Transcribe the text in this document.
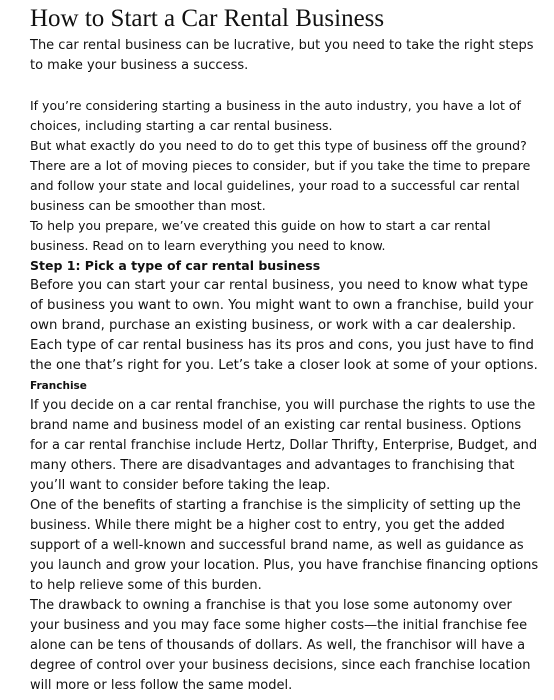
How to Start a Car Rental Business

The car rental business can be lucrative, but you need to take the right steps to make your business a success.

If you’re considering starting a business in the auto industry, you have a lot of choices, including starting a car rental business.

But what exactly do you need to do to get this type of business off the ground? There are a lot of moving pieces to consider, but if you take the time to prepare and follow your state and local guidelines, your road to a successful car rental business can be smoother than most.

To help you prepare, we’ve created this guide on how to start a car rental business. Read on to learn everything you need to know.

Step 1: Pick a type of car rental business

Before you can start your car rental business, you need to know what type of business you want to own. You might want to own a franchise, build your own brand, purchase an existing business, or work with a car dealership.

Each type of car rental business has its pros and cons, you just have to find the one that’s right for you. Let’s take a closer look at some of your options.

Franchise

If you decide on a car rental franchise, you will purchase the rights to use the brand name and business model of an existing car rental business. Options for a car rental franchise include Hertz, Dollar Thrifty, Enterprise, Budget, and many others. There are disadvantages and advantages to franchising that you’ll want to consider before taking the leap.

One of the benefits of starting a franchise is the simplicity of setting up the business. While there might be a higher cost to entry, you get the added support of a well-known and successful brand name, as well as guidance as you launch and grow your location. Plus, you have franchise financing options to help relieve some of this burden.

The drawback to owning a franchise is that you lose some autonomy over your business and you may face some higher costs—the initial franchise fee alone can be tens of thousands of dollars. As well, the franchisor will have a degree of control over your business decisions, since each franchise location will more or less follow the same model.
